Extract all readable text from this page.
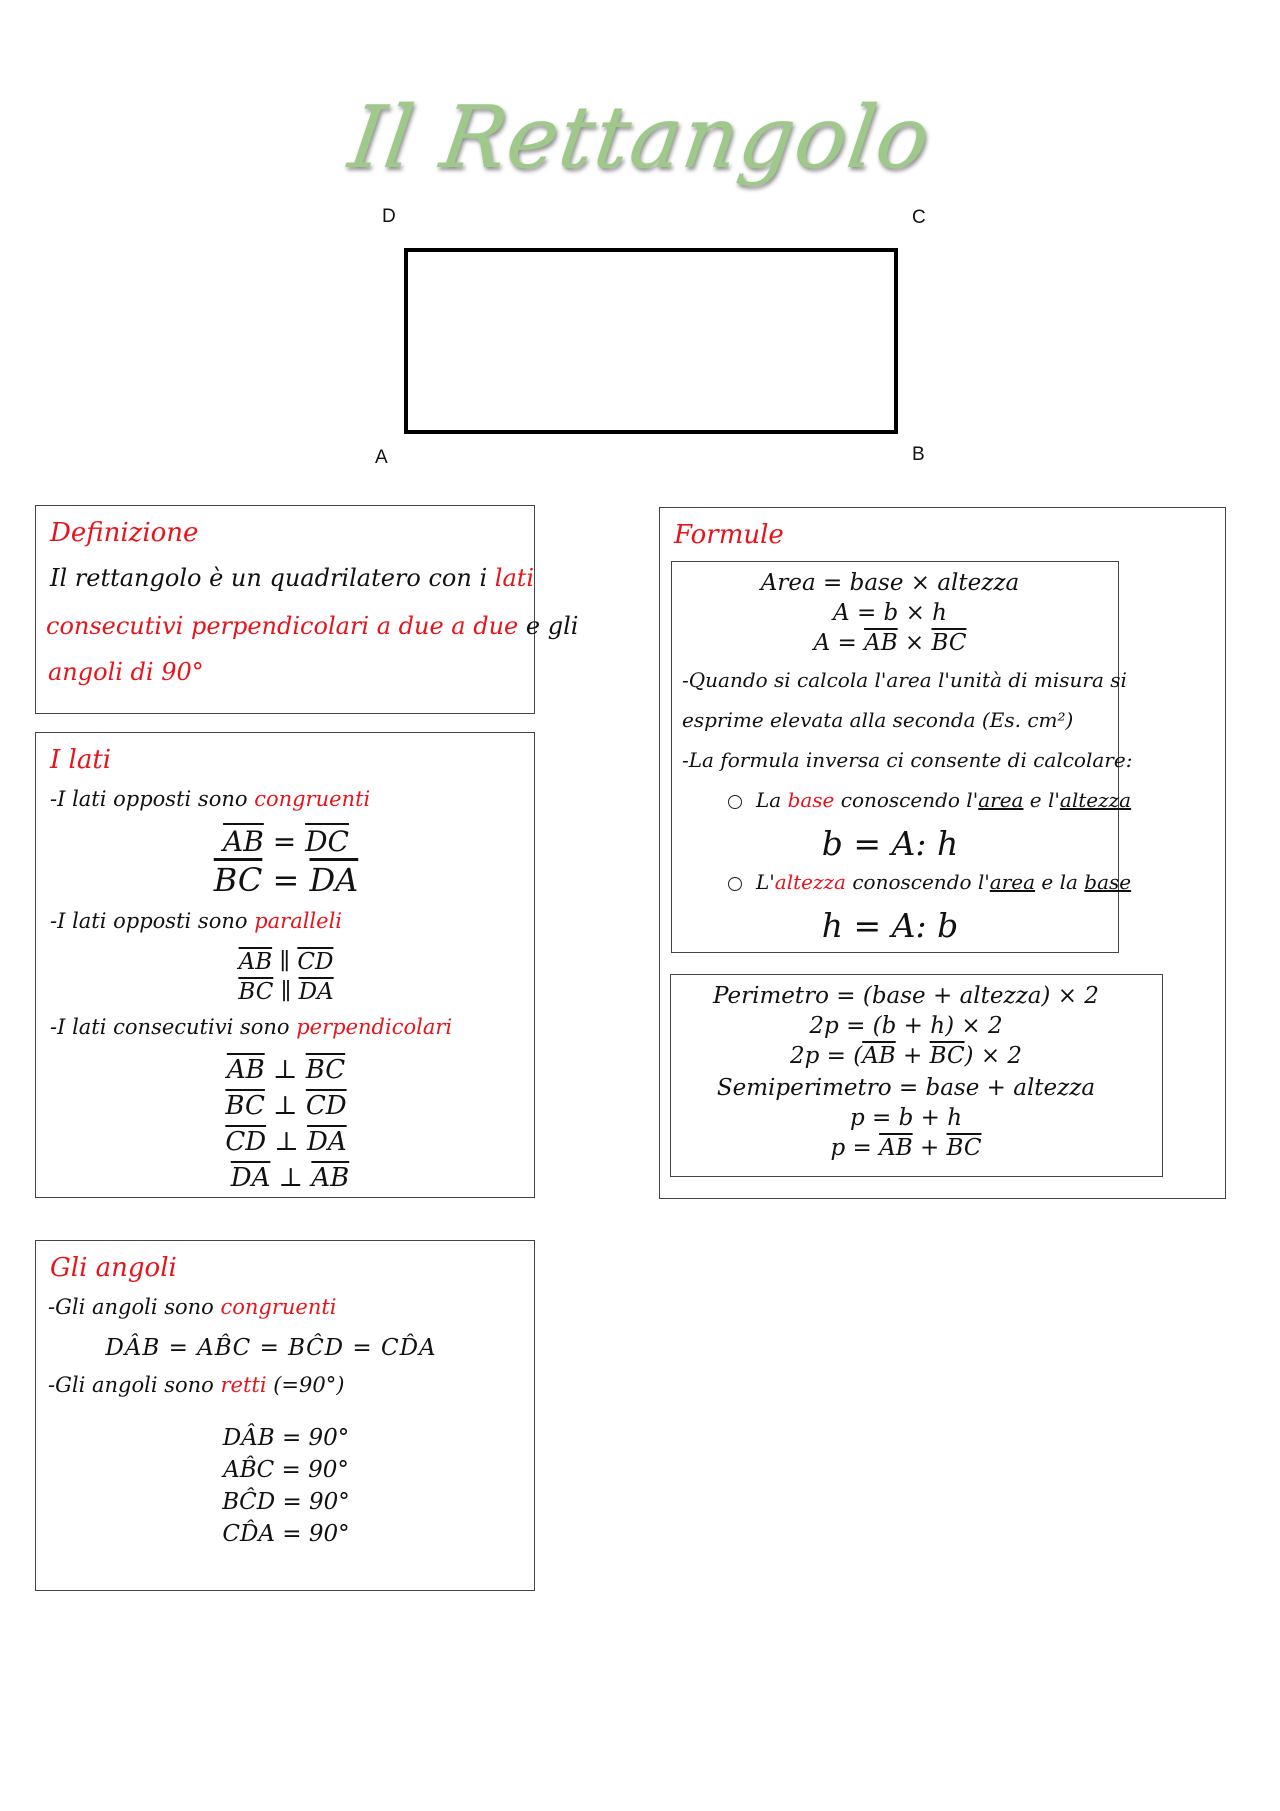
Il Rettangolo
D	C
A	B
Definizione
Il rettangolo è un quadrilatero con i lati
consecutivi perpendicolari a due a due e gli
angoli di 90°
I lati
-I lati opposti sono congruenti
$\overline{AB} = \overline{DC}$
$\overline{BC} = \overline{DA}$
-I lati opposti sono paralleli
$\overline{AB}$ ∥ $\overline{CD}$
$\overline{BC}$ ∥ $\overline{DA}$
-I lati consecutivi sono perpendicolari
$\overline{AB}$ ⊥ $\overline{BC}$
$\overline{BC}$ ⊥ $\overline{CD}$
$\overline{CD}$ ⊥ $\overline{DA}$
$\overline{DA}$ ⊥ $\overline{AB}$
Gli angoli
-Gli angoli sono congruenti
DÂB = AB̂C = BĈD = CD̂A
-Gli angoli sono retti (=90°)
DÂB = 90°
AB̂C = 90°
BĈD = 90°
CD̂A = 90°
Formule
Area = base × altezza
A = b × h
$A = \overline{AB} \times \overline{BC}$
-Quando si calcola l'area l'unità di misura si
esprime elevata alla seconda (Es. cm²)
-La formula inversa ci consente di calcolare:
La base conoscendo l'area e l'altezza
b = A: h
L'altezza conoscendo l'area e la base
h = A: b
Perimetro = (base + altezza) × 2
2p = (b + h) × 2
$2p = (\overline{AB} + \overline{BC}) \times 2$
Semiperimetro = base + altezza
p = b + h
$p = \overline{AB} + \overline{BC}$
